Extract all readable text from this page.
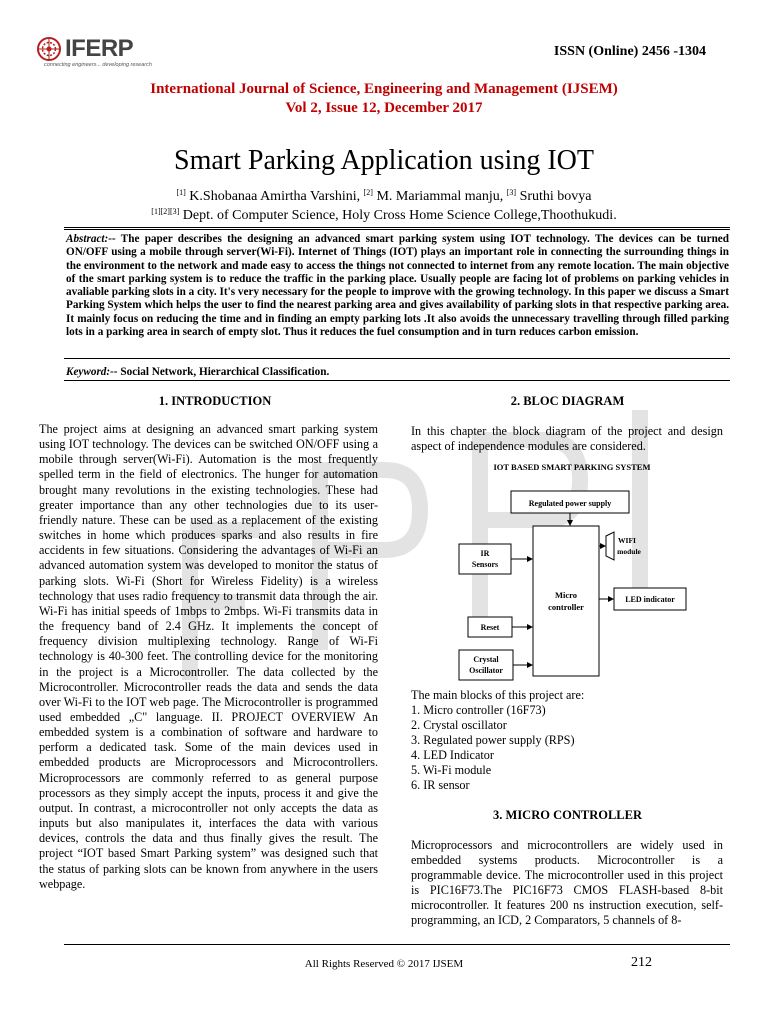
IFERP
connecting engineers... developing research
ISSN (Online) 2456 -1304
International Journal of Science, Engineering and Management (IJSEM)
Vol 2, Issue 12, December 2017
Smart Parking Application using IOT
[1] K.Shobanaa Amirtha Varshini, [2] M. Mariammal manju, [3] Sruthi bovya
[1][2][3] Dept. of Computer Science, Holy Cross Home Science College,Thoothukudi.
Abstract:-- The paper describes the designing an advanced smart parking system using IOT technology. The devices can be turned ON/OFF using a mobile through server(Wi-Fi). Internet of Things (IOT) plays an important role in connecting the surrounding things in the environment to the network and made easy to access the things not connected to internet from any remote location. The main objective of the smart parking system is to reduce the traffic in the parking place. Usually people are facing lot of problems on parking vehicles in avaliable parking slots in a city. It's very necessary for the people to improve with the growing technology. In this paper we discuss a Smart Parking System which helps the user to find the nearest parking area and gives availability of parking slots in that respective parking area. It mainly focus on reducing the time and in finding an empty parking lots .It also avoids the unnecessary travelling through filled parking lots in a parking area in search of empty slot. Thus it reduces the fuel consumption and in turn reduces carbon emission.
Keyword:-- Social Network, Hierarchical Classification.
1. INTRODUCTION
The project aims at designing an advanced smart parking system using IOT technology. The devices can be switched ON/OFF using a mobile through server(Wi-Fi). Automation is the most frequently spelled term in the field of electronics. The hunger for automation brought many revolutions in the existing technologies. These had greater importance than any other technologies due to its user-friendly nature. These can be used as a replacement of the existing switches in home which produces sparks and also results in fire accidents in few situations. Considering the advantages of Wi-Fi an advanced automation system was developed to monitor the status of parking slots. Wi-Fi (Short for Wireless Fidelity) is a wireless technology that uses radio frequency to transmit data through the air. Wi-Fi has initial speeds of 1mbps to 2mbps. Wi-Fi transmits data in the frequency band of 2.4 GHz. It implements the concept of frequency division multiplexing technology. Range of Wi-Fi technology is 40-300 feet. The controlling device for the monitoring in the project is a Microcontroller. The data collected by the Microcontroller. Microcontroller reads the data and sends the data over Wi-Fi to the IOT web page. The Microcontroller is programmed used embedded „C" language. II. PROJECT OVERVIEW An embedded system is a combination of software and hardware to perform a dedicated task. Some of the main devices used in embedded products are Microprocessors and Microcontrollers. Microprocessors are commonly referred to as general purpose processors as they simply accept the inputs, process it and give the output. In contrast, a microcontroller not only accepts the data as inputs but also manipulates it, interfaces the data with various devices, controls the data and thus finally gives the result. The project “IOT based Smart Parking system” was designed such that the status of parking slots can be known from anywhere in the users webpage.
2. BLOC DIAGRAM
In this chapter the block diagram of the project and design aspect of independence modules are considered.
IOT BASED SMART PARKING SYSTEM
Regulated power supply
Micro
controller
IR
Sensors
Reset
Crystal
Oscillator
WIFI
module
LED indicator
The main blocks of this project are:
1. Micro controller (16F73)
2. Crystal oscillator
3. Regulated power supply (RPS)
4. LED Indicator
5. Wi-Fi module
6. IR sensor
3. MICRO CONTROLLER
Microprocessors and microcontrollers are widely used in embedded systems products. Microcontroller is a programmable device. The microcontroller used in this project is PIC16F73.The PIC16F73 CMOS FLASH-based 8-bit microcontroller. It features 200 ns instruction execution, self-programming, an ICD, 2 Comparators, 5 channels of 8-
All Rights Reserved © 2017 IJSEM	212
